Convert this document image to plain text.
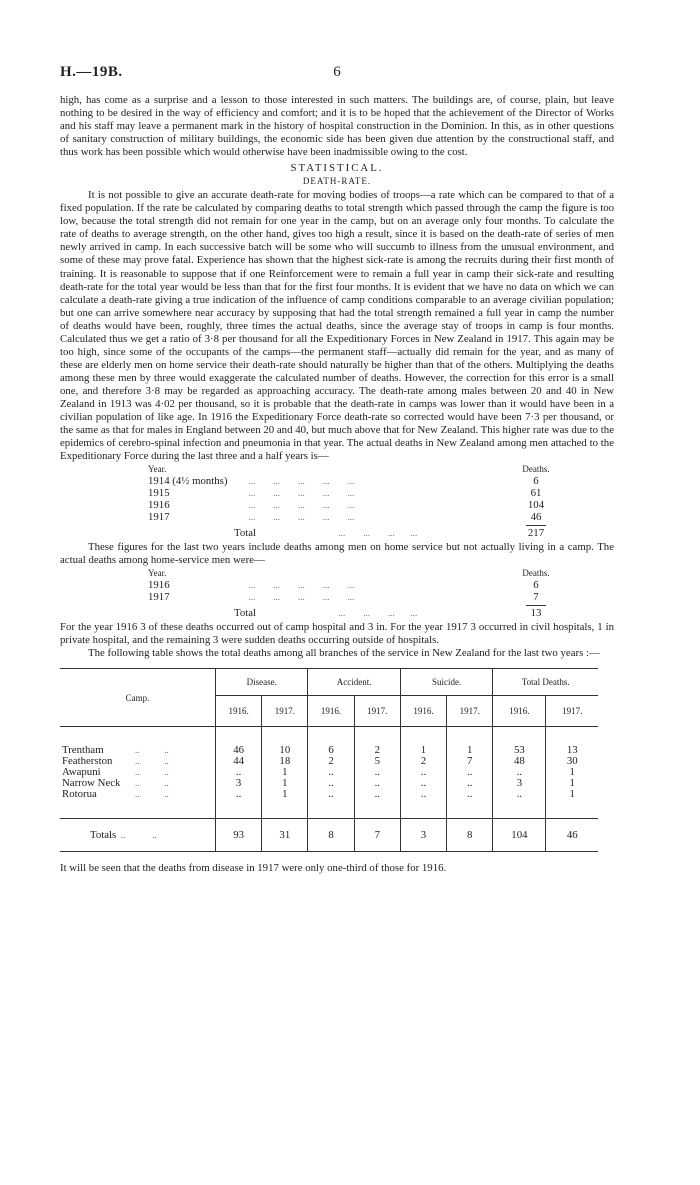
H.—19B.	6

high, has come as a surprise and a lesson to those interested in such matters. The buildings are, of course, plain, but leave nothing to be desired in the way of efficiency and comfort; and it is to be hoped that the achievement of the Director of Works and his staff may leave a permanent mark in the history of hospital construction in the Dominion. In this, as in other questions of sanitary construction of military buildings, the economic side has been given due attention by the constructional staff, and thus work has been possible which would otherwise have been inadmissible owing to the cost.

STATISTICAL.
DEATH-RATE.

It is not possible to give an accurate death-rate for moving bodies of troops—a rate which can be compared to that of a fixed population. If the rate be calculated by comparing deaths to total strength which passed through the camp the figure is too low, because the total strength did not remain for one year in the camp, but on an average only four months. To calculate the rate of deaths to average strength, on the other hand, gives too high a result, since it is based on the death-rate of series of men newly arrived in camp. In each successive batch will be some who will succumb to illness from the unusual environment, and some of these may prove fatal. Experience has shown that the highest sick-rate is among the recruits during their first month of training. It is reasonable to suppose that if one Reinforcement were to remain a full year in camp their sick-rate and resulting death-rate for the total year would be less than that for the first four months. It is evident that we have no data on which we can calculate a death-rate giving a true indication of the influence of camp conditions comparable to an average civilian population; but one can arrive somewhere near accuracy by supposing that had the total strength remained a full year in camp the number of deaths would have been, roughly, three times the actual deaths, since the average stay of troops in camp is four months. Calculated thus we get a ratio of 3·8 per thousand for all the Expeditionary Forces in New Zealand in 1917. This again may be too high, since some of the occupants of the camps—the permanent staff—actually did remain for the year, and as many of these are elderly men on home service their death-rate should naturally be higher than that of the others. Multiplying the deaths among these men by three would exaggerate the calculated number of deaths. However, the correction for this error is a small one, and therefore 3·8 may be regarded as approaching accuracy. The death-rate among males between 20 and 40 in New Zealand in 1913 was 4·02 per thousand, so it is probable that the death-rate in camps was lower than it would have been in a civilian population of like age. In 1916 the Expeditionary Force death-rate so corrected would have been 7·3 per thousand, or the same as that for males in England between 20 and 40, but much above that for New Zealand. This higher rate was due to the epidemics of cerebro-spinal infection and pneumonia in that year. The actual deaths in New Zealand among men attached to the Expeditionary Force during the last three and a half years is—

Year.	Deaths.
1914 (4½ months)	...        ...        ...        ...        ...	6
1915	...        ...        ...        ...        ...	61
1916	...        ...        ...        ...        ...	104
1917	...        ...        ...        ...        ...	46
Total	...        ...        ...       ...	217

These figures for the last two years include deaths among men on home service but not actually living in a camp. The actual deaths among home-service men were—

Year.	Deaths.
1916	...        ...        ...        ...        ...	6
1917	...        ...        ...        ...        ...	7
Total	...        ...        ...       ...	13

For the year 1916 3 of these deaths occurred out of camp hospital and 3 in. For the year 1917 3 occurred in civil hospitals, 1 in private hospital, and the remaining 3 were sudden deaths occurring outside of hospitals.

The following table shows the total deaths among all branches of the service in New Zealand for the last two years :—

Camp.	Disease.		Accident.		Suicide.		Total Deaths.	
	1916.	1917.	1916.	1917.	1916.	1917.	1916.	1917.

Trentham ..           ..	46	10	6	2	1	1	53	13
Featherston ..           ..	44	18	2	5	2	7	48	30
Awapuni ..           ..	..	1	..	..	..	..	..	1
Narrow Neck ..           ..	3	1	..	..	..	..	3	1
Rotorua ..           ..	..	1	..	..	..	..	..	1

Totals  ..            ..	93	31	8	7	3	8	104	46

It will be seen that the deaths from disease in 1917 were only one-third of those for 1916.
